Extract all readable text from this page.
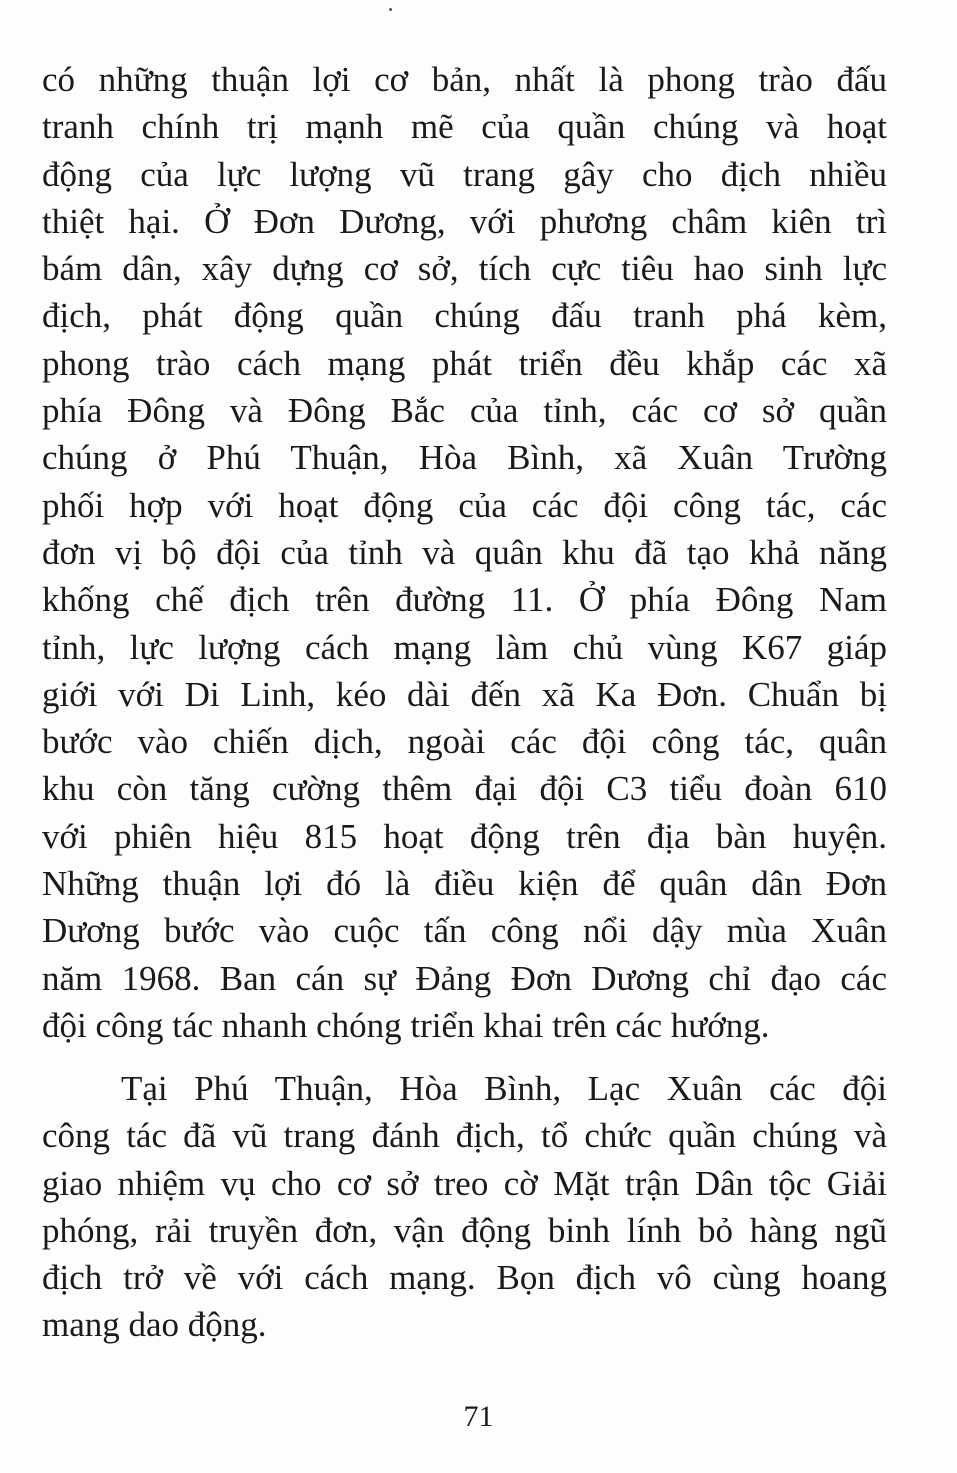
có những thuận lợi cơ bản, nhất là phong trào đấu
tranh chính trị mạnh mẽ của quần chúng và hoạt
động của lực lượng vũ trang gây cho địch nhiều
thiệt hại. Ở Đơn Dương, với phương châm kiên trì
bám dân, xây dựng cơ sở, tích cực tiêu hao sinh lực
địch, phát động quần chúng đấu tranh phá kèm,
phong trào cách mạng phát triển đều khắp các xã
phía Đông và Đông Bắc của tỉnh, các cơ sở quần
chúng ở Phú Thuận, Hòa Bình, xã Xuân Trường
phối hợp với hoạt động của các đội công tác, các
đơn vị bộ đội của tỉnh và quân khu đã tạo khả năng
khống chế địch trên đường 11. Ở phía Đông Nam
tỉnh, lực lượng cách mạng làm chủ vùng K67 giáp
giới với Di Linh, kéo dài đến xã Ka Đơn. Chuẩn bị
bước vào chiến dịch, ngoài các đội công tác, quân
khu còn tăng cường thêm đại đội C3 tiểu đoàn 610
với phiên hiệu 815 hoạt động trên địa bàn huyện.
Những thuận lợi đó là điều kiện để quân dân Đơn
Dương bước vào cuộc tấn công nổi dậy mùa Xuân
năm 1968. Ban cán sự Đảng Đơn Dương chỉ đạo các
đội công tác nhanh chóng triển khai trên các hướng.
Tại Phú Thuận, Hòa Bình, Lạc Xuân các đội
công tác đã vũ trang đánh địch, tổ chức quần chúng và
giao nhiệm vụ cho cơ sở treo cờ Mặt trận Dân tộc Giải
phóng, rải truyền đơn, vận động binh lính bỏ hàng ngũ
địch trở về với cách mạng. Bọn địch vô cùng hoang
mang dao động.
71
